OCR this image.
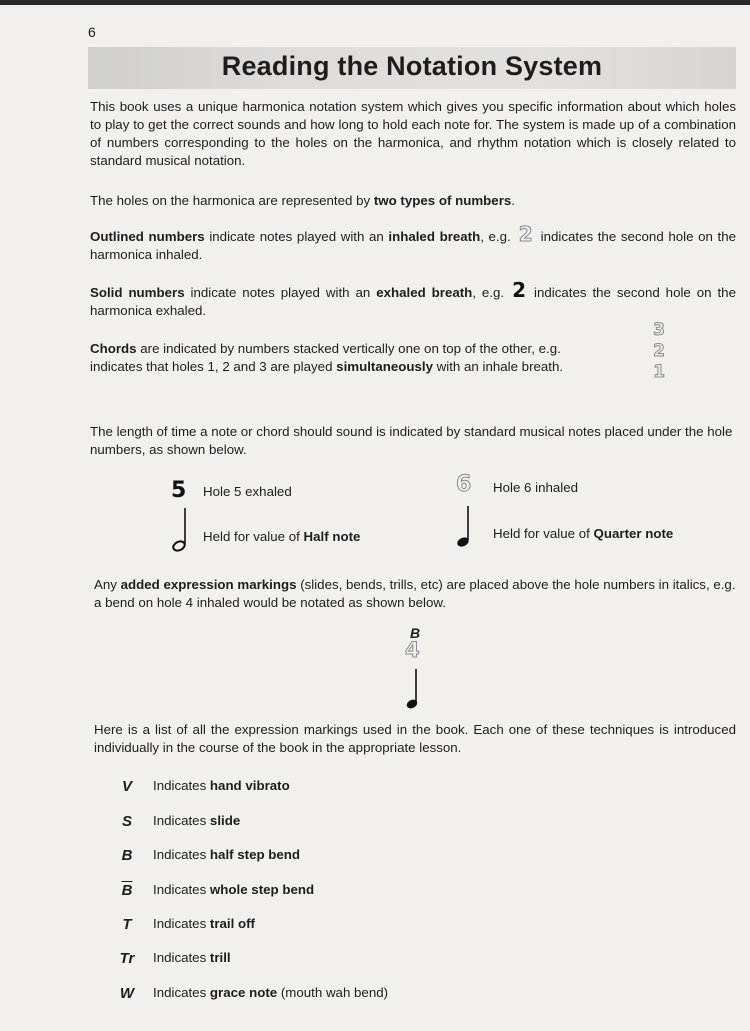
6
Reading the Notation System
This book uses a unique harmonica notation system which gives you specific information about which holes to play to get the correct sounds and how long to hold each note for. The system is made up of a combination of numbers corresponding to the holes on the harmonica, and rhythm notation which is closely related to standard musical notation.
The holes on the harmonica are represented by two types of numbers.
Outlined numbers indicate notes played with an inhaled breath, e.g. 2 indicates the second hole on the harmonica inhaled.
Solid numbers indicate notes played with an exhaled breath, e.g. 2 indicates the second hole on the harmonica exhaled.
Chords are indicated by numbers stacked vertically one on top of the other, e.g.
indicates that holes 1, 2 and 3 are played simultaneously with an inhale breath.
3
2
1
The length of time a note or chord should sound is indicated by standard musical notes placed under the hole numbers, as shown below.
5 Hole 5 exhaled
Held for value of Half note
6 Hole 6 inhaled
Held for value of Quarter note
Any added expression markings (slides, bends, trills, etc) are placed above the hole numbers in italics, e.g. a bend on hole 4 inhaled would be notated as shown below.
B
4
Here is a list of all the expression markings used in the book. Each one of these techniques is introduced individually in the course of the book in the appropriate lesson.
V	Indicates hand vibrato
S	Indicates slide
B	Indicates half step bend
$\overline{B}$	Indicates whole step bend
T	Indicates trail off
Tr Indicates trill
W Indicates grace note (mouth wah bend)
